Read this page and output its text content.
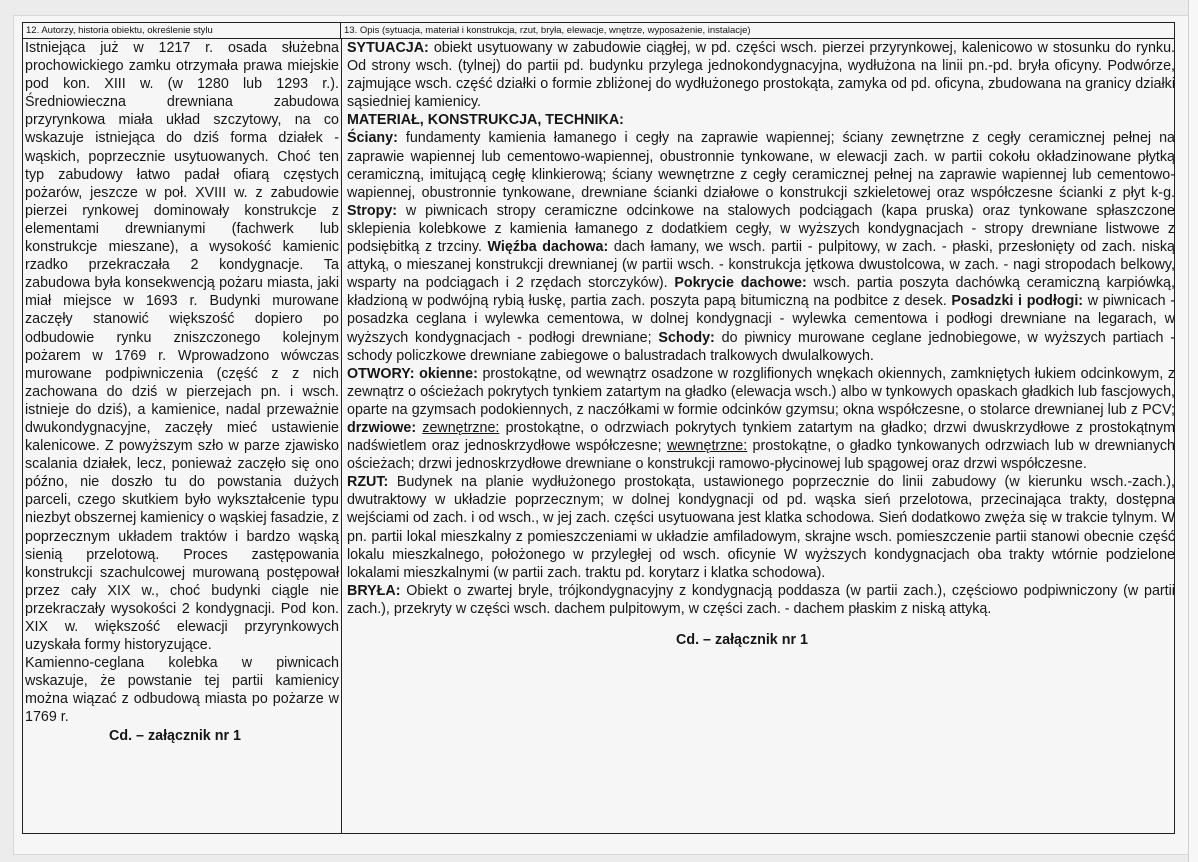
12. Autorzy, historia obiektu, określenie stylu	13. Opis (sytuacja, materiał i konstrukcja, rzut, bryła, elewacje, wnętrze, wyposażenie, instalacje)

Istniejąca już w 1217 r. osada służebna prochowickiego zamku otrzymała prawa miejskie pod kon. XIII w. (w 1280 lub 1293 r.). Średniowieczna drewniana zabudowa przyrynkowa miała układ szczytowy, na co wskazuje istniejąca do dziś forma działek - wąskich, poprzecznie usytuowanych. Choć ten typ zabudowy łatwo padał ofiarą częstych pożarów, jeszcze w poł. XVIII w. z zabudowie pierzei rynkowej dominowały konstrukcje z elementami drewnianymi (fachwerk lub konstrukcje mieszane), a wysokość kamienic rzadko przekraczała 2 kondygnacje. Ta zabudowa była konsekwencją pożaru miasta, jaki miał miejsce w 1693 r. Budynki murowane zaczęły stanowić większość dopiero po odbudowie rynku zniszczonego kolejnym pożarem w 1769 r. Wprowadzono wówczas murowane podpiwniczenia (część z z nich zachowana do dziś w pierzejach pn. i wsch. istnieje do dziś), a kamienice, nadal przeważnie dwukondygnacyjne, zaczęły mieć ustawienie kalenicowe. Z powyższym szło w parze zjawisko scalania działek, lecz, ponieważ zaczęło się ono późno, nie doszło tu do powstania dużych parceli, czego skutkiem było wykształcenie typu niezbyt obszernej kamienicy o wąskiej fasadzie, z poprzecznym układem traktów i bardzo wąską sienią przelotową. Proces zastępowania konstrukcji szachulcowej murowaną postępował przez cały XIX w., choć budynki ciągle nie przekraczały wysokości 2 kondygnacji. Pod kon. XIX w. większość elewacji przyrynkowych uzyskała formy historyzujące.

Kamienno-ceglana kolebka w piwnicach wskazuje, że powstanie tej partii kamienicy można wiązać z odbudową miasta po pożarze w 1769 r.

Cd. – załącznik nr 1

SYTUACJA: obiekt usytuowany w zabudowie ciągłej, w pd. części wsch. pierzei przyrynkowej, kalenicowo w stosunku do rynku. Od strony wsch. (tylnej) do partii pd. budynku przylega jednokondygnacyjna, wydłużona na linii pn.-pd. bryła oficyny. Podwórze, zajmujące wsch. część działki o formie zbliżonej do wydłużonego prostokąta, zamyka od pd. oficyna, zbudowana na granicy działki sąsiedniej kamienicy.

MATERIAŁ, KONSTRUKCJA, TECHNIKA:

Ściany: fundamenty kamienia łamanego i cegły na zaprawie wapiennej; ściany zewnętrzne z cegły ceramicznej pełnej na zaprawie wapiennej lub cementowo-wapiennej, obustronnie tynkowane, w elewacji zach. w partii cokołu okładzinowane płytką ceramiczną, imitującą cegłę klinkierową; ściany wewnętrzne z cegły ceramicznej pełnej na zaprawie wapiennej lub cementowo-wapiennej, obustronnie tynkowane, drewniane ścianki działowe o konstrukcji szkieletowej oraz współczesne ścianki z płyt k-g. Stropy: w piwnicach stropy ceramiczne odcinkowe na stalowych podciągach (kapa pruska) oraz tynkowane spłaszczone sklepienia kolebkowe z kamienia łamanego z dodatkiem cegły, w wyższych kondygnacjach - stropy drewniane listwowe z podsiębitką z trzciny. Więźba dachowa: dach łamany, we wsch. partii - pulpitowy, w zach. - płaski, przesłonięty od zach. niską attyką, o mieszanej konstrukcji drewnianej (w partii wsch. - konstrukcja jętkowa dwustolcowa, w zach. - nagi stropodach belkowy, wsparty na podciągach i 2 rzędach storczyków). Pokrycie dachowe: wsch. partia poszyta dachówką ceramiczną karpiówką, kładzioną w podwójną rybią łuskę, partia zach. poszyta papą bitumiczną na podbitce z desek. Posadzki i podłogi: w piwnicach - posadzka ceglana i wylewka cementowa, w dolnej kondygnacji - wylewka cementowa i podłogi drewniane na legarach, w wyższych kondygnacjach - podłogi drewniane; Schody: do piwnicy murowane ceglane jednobiegowe, w wyższych partiach - schody policzkowe drewniane zabiegowe o balustradach tralkowych dwulalkowych.

OTWORY: okienne: prostokątne, od wewnątrz osadzone w rozglifionych wnękach okiennych, zamkniętych łukiem odcinkowym, z zewnątrz o ościeżach pokrytych tynkiem zatartym na gładko (elewacja wsch.) albo w tynkowych opaskach gładkich lub fascjowych, oparte na gzymsach podokiennych, z naczółkami w formie odcinków gzymsu; okna współczesne, o stolarce drewnianej lub z PCV; drzwiowe: zewnętrzne: prostokątne, o odrzwiach pokrytych tynkiem zatartym na gładko; drzwi dwuskrzydłowe z prostokątnym nadświetlem oraz jednoskrzydłowe współczesne; wewnętrzne: prostokątne, o gładko tynkowanych odrzwiach lub w drewnianych ościeżach; drzwi jednoskrzydłowe drewniane o konstrukcji ramowo-płycinowej lub spągowej oraz drzwi współczesne.

RZUT: Budynek na planie wydłużonego prostokąta, ustawionego poprzecznie do linii zabudowy (w kierunku wsch.-zach.), dwutraktowy w układzie poprzecznym; w dolnej kondygnacji od pd. wąska sień przelotowa, przecinająca trakty, dostępna wejściami od zach. i od wsch., w jej zach. części usytuowana jest klatka schodowa. Sień dodatkowo zwęża się w trakcie tylnym. W pn. partii lokal mieszkalny z pomieszczeniami w układzie amfiladowym, skrajne wsch. pomieszczenie partii stanowi obecnie część lokalu mieszkalnego, położonego w przyległej od wsch. oficynie W wyższych kondygnacjach oba trakty wtórnie podzielone lokalami mieszkalnymi (w partii zach. traktu pd. korytarz i klatka schodowa).

BRYŁA: Obiekt o zwartej bryle, trójkondygnacyjny z kondygnacją poddasza (w partii zach.), częściowo podpiwniczony (w partii zach.), przekryty w części wsch. dachem pulpitowym, w części zach. - dachem płaskim z niską attyką.

Cd. – załącznik nr 1
